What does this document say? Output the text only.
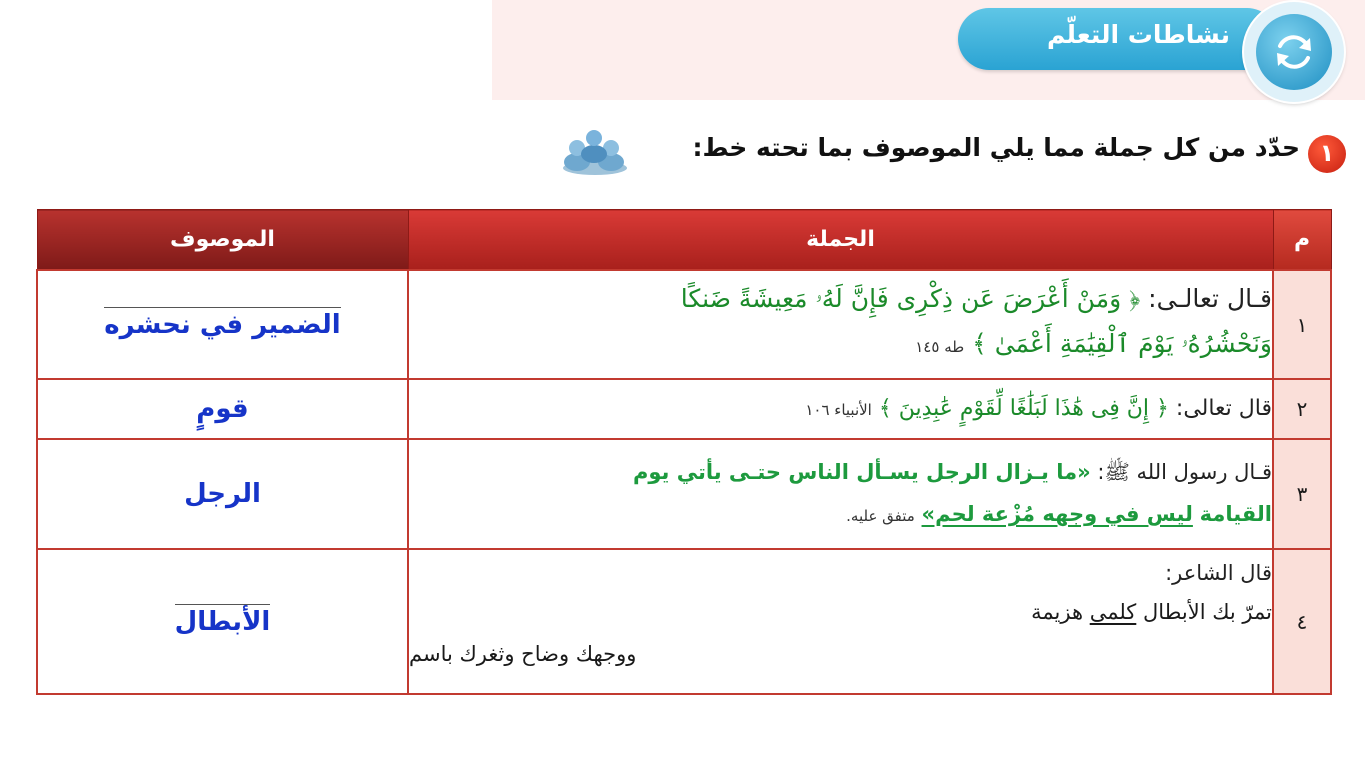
نشاطات التعلّم
١
حدّد من كل جملة مما يلي الموصوف بما تحته خط:
م	الجملة	الموصوف
١	قـال تعالـى: ﴿ وَمَنْ أَعْرَضَ عَن ذِكْرِى فَإِنَّ لَهُۥ مَعِيشَةً ضَنكًا
وَنَحْشُرُهُۥ يَوْمَ ٱلْقِيَٰمَةِ أَعْمَىٰ ﴾ طه ١٤٥	الضمير في نحشره
٢	قال تعالى: ﴿ إِنَّ فِى هَٰذَا لَبَلَٰغًا لِّقَوْمٍ عَٰبِدِينَ ﴾ الأنبياء ١٠٦	قومٍ
٣	قـال رسول الله ﷺ: «ما يـزال الرجل يسـأل الناس حتـى يأتي يوم
القيامة ليس في وجهه مُزْعة لحم» متفق عليه.	الرجل
٤	قال الشاعر:
تمرّ بك الأبطال كلمى هزيمة
ووجهك وضاح وثغرك باسم	الأبطال
